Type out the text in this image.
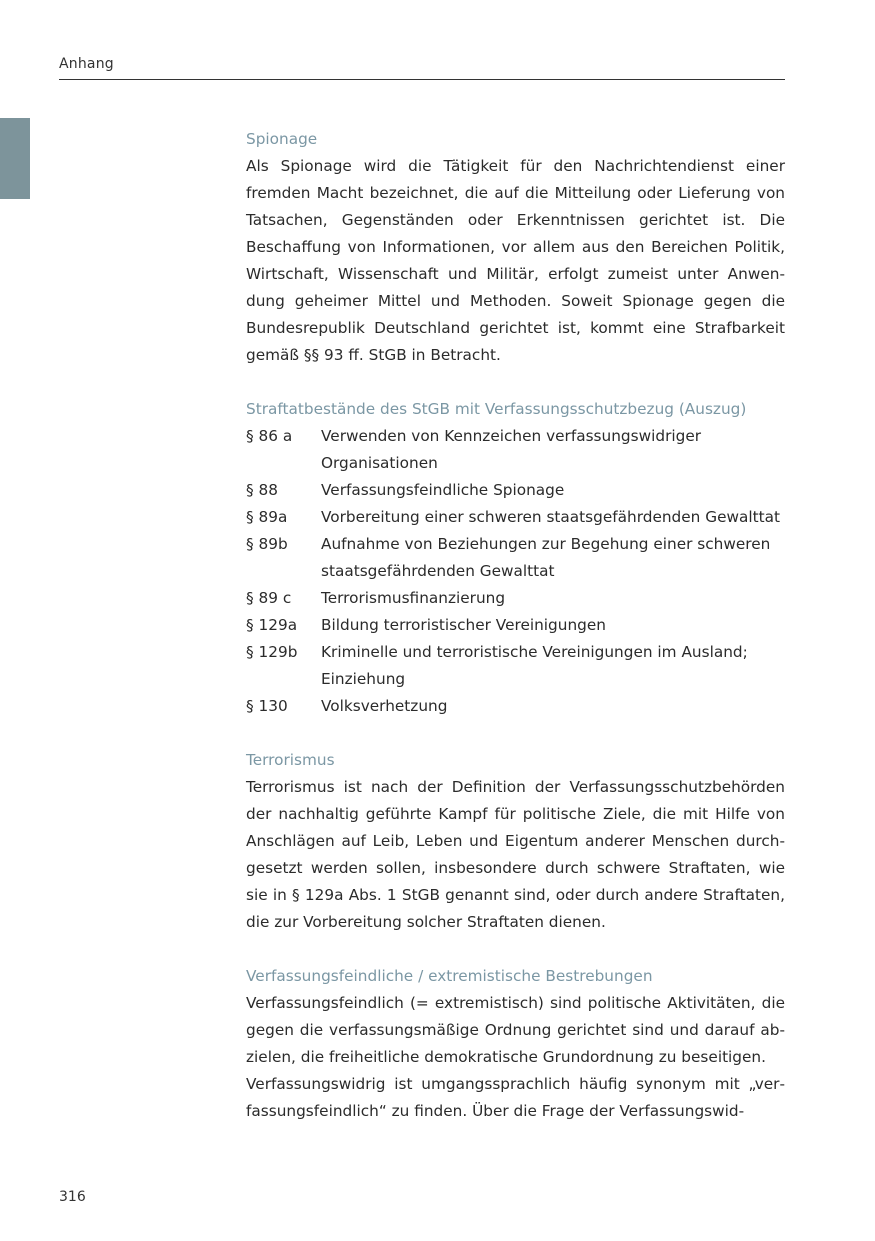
Anhang
Spionage

Als Spionage wird die Tätigkeit für den Nachrichtendienst einer fremden Macht bezeichnet, die auf die Mitteilung oder Lieferung von Tatsachen, Gegenständen oder Erkenntnissen gerichtet ist. Die Beschaffung von Informationen, vor allem aus den Bereichen Politik, Wirtschaft, Wissenschaft und Militär, erfolgt zumeist unter Anwendung geheimer Mittel und Methoden. Soweit Spionage gegen die Bundesrepublik Deutschland gerichtet ist, kommt eine Strafbarkeit gemäß §§ 93 ff. StGB in Betracht.

Straftatbestände des StGB mit Verfassungsschutzbezug (Auszug)
§ 86 a	Verwenden von Kennzeichen verfassungswidriger Organisationen
§ 88	Verfassungsfeindliche Spionage
§ 89a	Vorbereitung einer schweren staatsgefährdenden Gewalttat
§ 89b	Aufnahme von Beziehungen zur Begehung einer schweren staatsgefährdenden Gewalttat
§ 89 c	Terrorismusfinanzierung
§ 129a	Bildung terroristischer Vereinigungen
§ 129b	Kriminelle und terroristische Vereinigungen im Ausland; Einziehung
§ 130	Volksverhetzung
Terrorismus

Terrorismus ist nach der Definition der Verfassungsschutzbehörden der nachhaltig geführte Kampf für politische Ziele, die mit Hilfe von Anschlägen auf Leib, Leben und Eigentum anderer Menschen durchgesetzt werden sollen, insbesondere durch schwere Straftaten, wie sie in § 129a Abs. 1 StGB genannt sind, oder durch andere Straftaten, die zur Vorbereitung solcher Straftaten dienen.

Verfassungsfeindliche / extremistische Bestrebungen

Verfassungsfeindlich (= extremistisch) sind politische Aktivitäten, die gegen die verfassungsmäßige Ordnung gerichtet sind und darauf abzielen, die freiheitliche demokratische Grundordnung zu beseitigen.

Verfassungswidrig ist umgangssprachlich häufig synonym mit „verfassungsfeindlich“ zu finden. Über die Frage der Verfassungswid-

316
